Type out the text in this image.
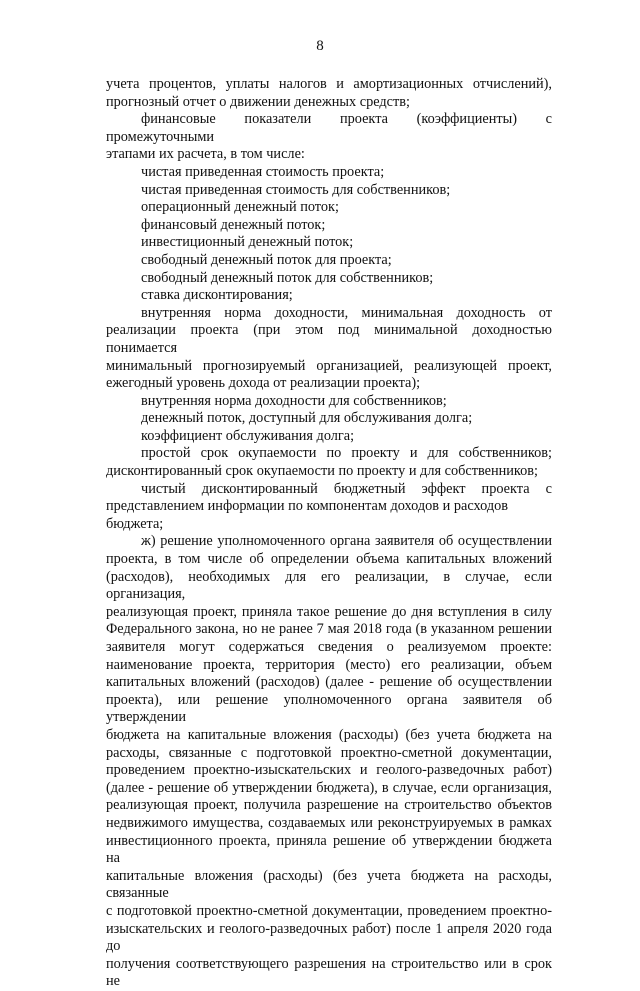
8

учета процентов, уплаты налогов и амортизационных отчислений),

прогнозный отчет о движении денежных средств;

финансовые показатели проекта (коэффициенты) с промежуточными

этапами их расчета, в том числе:

чистая приведенная стоимость проекта;

чистая приведенная стоимость для собственников;

операционный денежный поток;

финансовый денежный поток;

инвестиционный денежный поток;

свободный денежный поток для проекта;

свободный денежный поток для собственников;

ставка дисконтирования;

внутренняя норма доходности, минимальная доходность от

реализации проекта (при этом под минимальной доходностью понимается

минимальный прогнозируемый организацией, реализующей проект,

ежегодный уровень дохода от реализации проекта);

внутренняя норма доходности для собственников;

денежный поток, доступный для обслуживания долга;

коэффициент обслуживания долга;

простой срок окупаемости по проекту и для собственников;

дисконтированный срок окупаемости по проекту и для собственников;

чистый дисконтированный бюджетный эффект проекта с

представлением информации по компонентам доходов и расходов бюджета;

ж) решение уполномоченного органа заявителя об осуществлении

проекта, в том числе об определении объема капитальных вложений

(расходов), необходимых для его реализации, в случае, если организация,

реализующая проект, приняла такое решение до дня вступления в силу

Федерального закона, но не ранее 7 мая 2018 года (в указанном решении

заявителя могут содержаться сведения о реализуемом проекте:

наименование проекта, территория (место) его реализации, объем

капитальных вложений (расходов) (далее - решение об осуществлении

проекта), или решение уполномоченного органа заявителя об утверждении

бюджета на капитальные вложения (расходы) (без учета бюджета на

расходы, связанные с подготовкой проектно-сметной документации,

проведением проектно-изыскательских и геолого-разведочных работ)

(далее - решение об утверждении бюджета), в случае, если организация,

реализующая проект, получила разрешение на строительство объектов

недвижимого имущества, создаваемых или реконструируемых в рамках

инвестиционного проекта, приняла решение об утверждении бюджета на

капитальные вложения (расходы) (без учета бюджета на расходы, связанные

с подготовкой проектно-сметной документации, проведением проектно-

изыскательских и геолого-разведочных работ) после 1 апреля 2020 года до

получения соответствующего разрешения на строительство или в срок не
